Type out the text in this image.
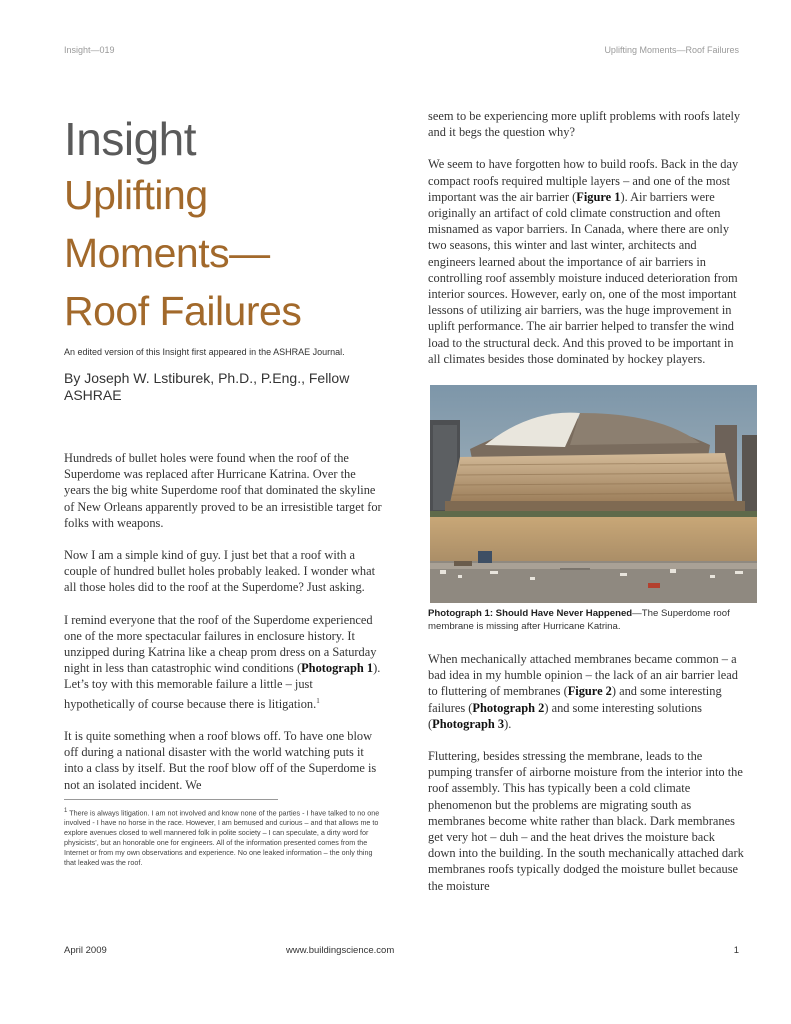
Insight—019	Uplifting Moments—Roof Failures
Insight
Uplifting
Moments—
Roof Failures
An edited version of this Insight first appeared in the ASHRAE Journal.
By Joseph W. Lstiburek, Ph.D., P.Eng., Fellow ASHRAE

Hundreds of bullet holes were found when the roof of the Superdome was replaced after Hurricane Katrina. Over the years the big white Superdome roof that dominated the skyline of New Orleans apparently proved to be an irresistible target for folks with weapons.

Now I am a simple kind of guy. I just bet that a roof with a couple of hundred bullet holes probably leaked. I wonder what all those holes did to the roof at the Superdome? Just asking.

I remind everyone that the roof of the Superdome experienced one of the more spectacular failures in enclosure history. It unzipped during Katrina like a cheap prom dress on a Saturday night in less than catastrophic wind conditions (Photograph 1). Let’s toy with this memorable failure a little – just hypothetically of course because there is litigation.$^1$

It is quite something when a roof blows off. To have one blow off during a national disaster with the world watching puts it into a class by itself. But the roof blow off of the Superdome is not an isolated incident. We

$^1$ There is always litigation. I am not involved and know none of the parties - I have talked to no one involved - I have no horse in the race. However, I am bemused and curious – and that allows me to explore avenues closed to well mannered folk in polite society – I can speculate, a dirty word for physicists’, but an honorable one for engineers. All of the information presented comes from the Internet or from my own observations and experience. No one leaked information – the only thing that leaked was the roof.

seem to be experiencing more uplift problems with roofs lately and it begs the question why?

We seem to have forgotten how to build roofs. Back in the day compact roofs required multiple layers – and one of the most important was the air barrier (Figure 1). Air barriers were originally an artifact of cold climate construction and often misnamed as vapor barriers. In Canada, where there are only two seasons, this winter and last winter, architects and engineers learned about the importance of air barriers in controlling roof assembly moisture induced deterioration from interior sources. However, early on, one of the most important lessons of utilizing air barriers, was the huge improvement in uplift performance. The air barrier helped to transfer the wind load to the structural deck. And this proved to be important in all climates besides those dominated by hockey players.

Photograph 1: Should Have Never Happened—The Superdome roof membrane is missing after Hurricane Katrina.

When mechanically attached membranes became common – a bad idea in my humble opinion – the lack of an air barrier lead to fluttering of membranes (Figure 2) and some interesting failures (Photograph 2) and some interesting solutions (Photograph 3).

Fluttering, besides stressing the membrane, leads to the pumping transfer of airborne moisture from the interior into the roof assembly. This has typically been a cold climate phenomenon but the problems are migrating south as membranes become white rather than black. Dark membranes get very hot – duh – and the heat drives the moisture back down into the building. In the south mechanically attached dark membranes roofs typically dodged the moisture bullet because the moisture

April 2009	www.buildingscience.com	1
